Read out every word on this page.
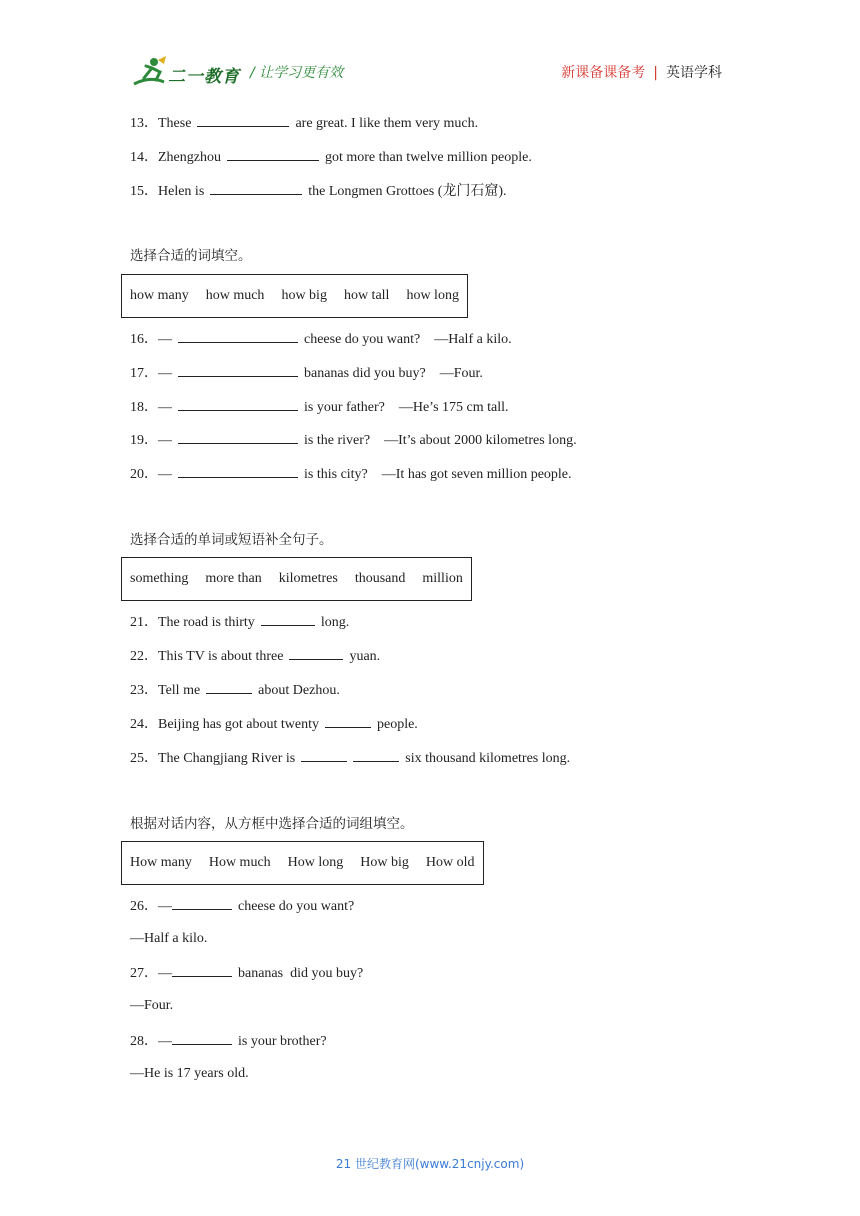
二一教育 / 让学习更有效	新课备课备考 | 英语学科
13．These	are great. I like them very much.
14．Zhengzhou	got more than twelve million people.
15．Helen is	the Longmen Grottoes (龙门石窟).
选择合适的词填空。
how many how much how big how tall how long
16．—	cheese do you want?    —Half a kilo.
17．—	bananas did you buy?    —Four.
18．—	is your father?    —He’s 175 cm tall.
19．—	is the river?    —It’s about 2000 kilometres long.
20．—	is this city?    —It has got seven million people.
选择合适的单词或短语补全句子。
something more than kilometres thousand million
21．The road is thirty	long.
22．This TV is about three	yuan.
23．Tell me	about Dezhou.
24．Beijing has got about twenty	people.
25．The Changjiang River is	six thousand kilometres long.
根据对话内容，从方框中选择合适的词组填空。
How many How much How long How big How old
26．—	cheese do you want?
—Half a kilo.
27．—	bananas  did you buy?
—Four.
28．—	is your brother?
—He is 17 years old.
21 世纪教育网(www.21cnjy.com)
